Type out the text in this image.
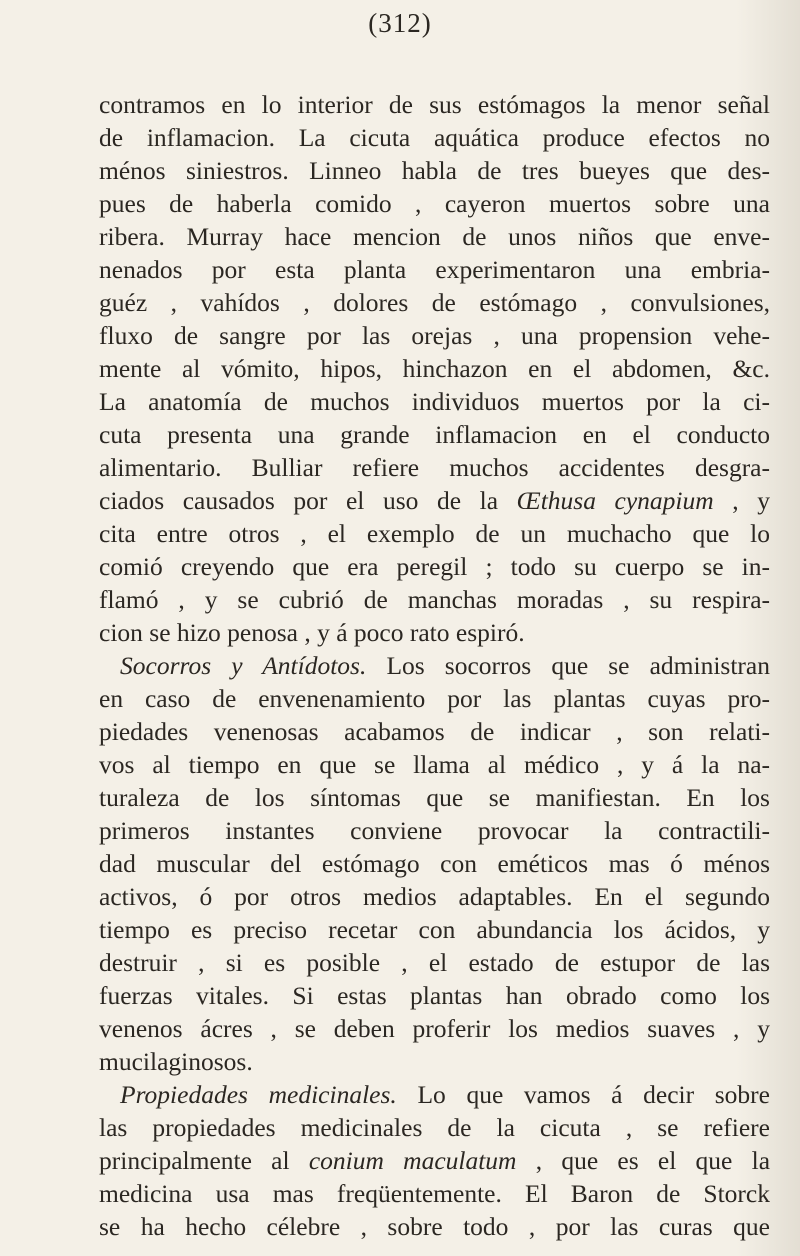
(312)
contramos en lo interior de sus estómagos la menor señal
de inflamacion. La cicuta aquática produce efectos no
ménos siniestros. Linneo habla de tres bueyes que des-
pues de haberla comido , cayeron muertos sobre una
ribera. Murray hace mencion de unos niños que enve-
nenados por esta planta experimentaron una embria-
guéz , vahídos , dolores de estómago , convulsiones,
fluxo de sangre por las orejas , una propension vehe-
mente al vómito, hipos, hinchazon en el abdomen, &c.
La anatomía de muchos individuos muertos por la ci-
cuta presenta una grande inflamacion en el conducto
alimentario. Bulliar refiere muchos accidentes desgra-
ciados causados por el uso de la Œthusa cynapium , y
cita entre otros , el exemplo de un muchacho que lo
comió creyendo que era peregil ; todo su cuerpo se in-
flamó , y se cubrió de manchas moradas , su respira-
cion se hizo penosa , y á poco rato espiró.
Socorros y Antídotos. Los socorros que se administran
en caso de envenenamiento por las plantas cuyas pro-
piedades venenosas acabamos de indicar , son relati-
vos al tiempo en que se llama al médico , y á la na-
turaleza de los síntomas que se manifiestan. En los
primeros instantes conviene provocar la contractili-
dad muscular del estómago con eméticos mas ó ménos
activos, ó por otros medios adaptables. En el segundo
tiempo es preciso recetar con abundancia los ácidos, y
destruir , si es posible , el estado de estupor de las
fuerzas vitales. Si estas plantas han obrado como los
venenos ácres , se deben proferir los medios suaves , y
mucilaginosos.
Propiedades medicinales. Lo que vamos á decir sobre
las propiedades medicinales de la cicuta , se refiere
principalmente al conium maculatum , que es el que la
medicina usa mas freqüentemente. El Baron de Storck
se ha hecho célebre , sobre todo , por las curas que
